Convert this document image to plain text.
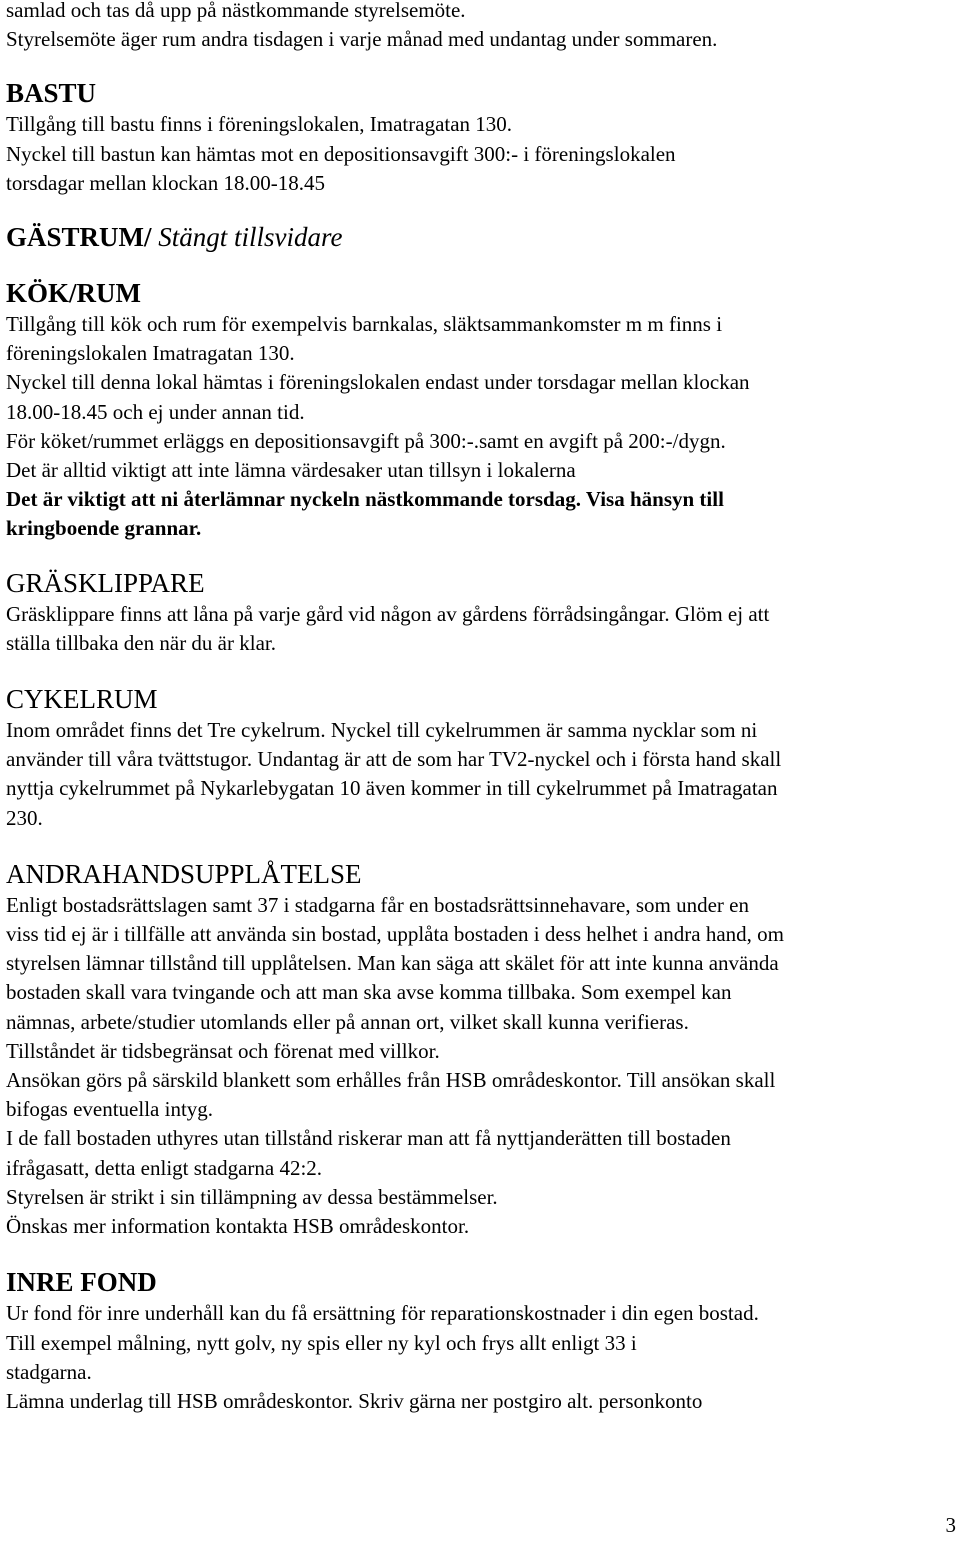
samlad och tas då upp på nästkommande styrelsemöte.
Styrelsemöte äger rum andra tisdagen i varje månad med undantag under sommaren.
BASTU
Tillgång till bastu finns i föreningslokalen, Imatragatan 130.
Nyckel till bastun kan hämtas mot en depositionsavgift 300:- i föreningslokalen
torsdagar mellan klockan 18.00-18.45
GÄSTRUM/ Stängt tillsvidare
KÖK/RUM
Tillgång till kök och rum för exempelvis barnkalas, släktsammankomster m m finns i
föreningslokalen Imatragatan 130.
Nyckel till denna lokal hämtas i föreningslokalen endast under torsdagar mellan klockan
18.00-18.45 och ej under annan tid.
För köket/rummet erläggs en depositionsavgift på 300:-.samt en avgift på 200:-/dygn.
Det är alltid viktigt att inte lämna värdesaker utan tillsyn i lokalerna
Det är viktigt att ni återlämnar nyckeln nästkommande torsdag. Visa hänsyn till
kringboende grannar.
GRÄSKLIPPARE
Gräsklippare finns att låna på varje gård vid någon av gårdens förrådsingångar. Glöm ej att
ställa tillbaka den när du är klar.
CYKELRUM
Inom området finns det Tre cykelrum. Nyckel till cykelrummen är samma nycklar som ni
använder till våra tvättstugor. Undantag är att de som har TV2-nyckel och i första hand skall
nyttja cykelrummet på Nykarlebygatan 10 även kommer in till cykelrummet på Imatragatan
230.
ANDRAHANDSUPPLÅTELSE
Enligt bostadsrättslagen samt 37 i stadgarna får en bostadsrättsinnehavare, som under en
viss tid ej är i tillfälle att använda sin bostad, upplåta bostaden i dess helhet i andra hand, om
styrelsen lämnar tillstånd till upplåtelsen. Man kan säga att skälet för att inte kunna använda
bostaden skall vara tvingande och att man ska avse komma tillbaka. Som exempel kan
nämnas, arbete/studier utomlands eller på annan ort, vilket skall kunna verifieras.
Tillståndet är tidsbegränsat och förenat med villkor.
Ansökan görs på särskild blankett som erhålles från HSB områdeskontor. Till ansökan skall
bifogas eventuella intyg.
I de fall bostaden uthyres utan tillstånd riskerar man att få nyttjanderätten till bostaden
ifrågasatt, detta enligt stadgarna 42:2.
Styrelsen är strikt i sin tillämpning av dessa bestämmelser.
Önskas mer information kontakta HSB områdeskontor.
INRE FOND
Ur fond för inre underhåll kan du få ersättning för reparationskostnader i din egen bostad.
Till exempel målning, nytt golv, ny spis eller ny kyl och frys allt enligt 33 i
stadgarna.
Lämna underlag till HSB områdeskontor. Skriv gärna ner postgiro alt. personkonto
3
